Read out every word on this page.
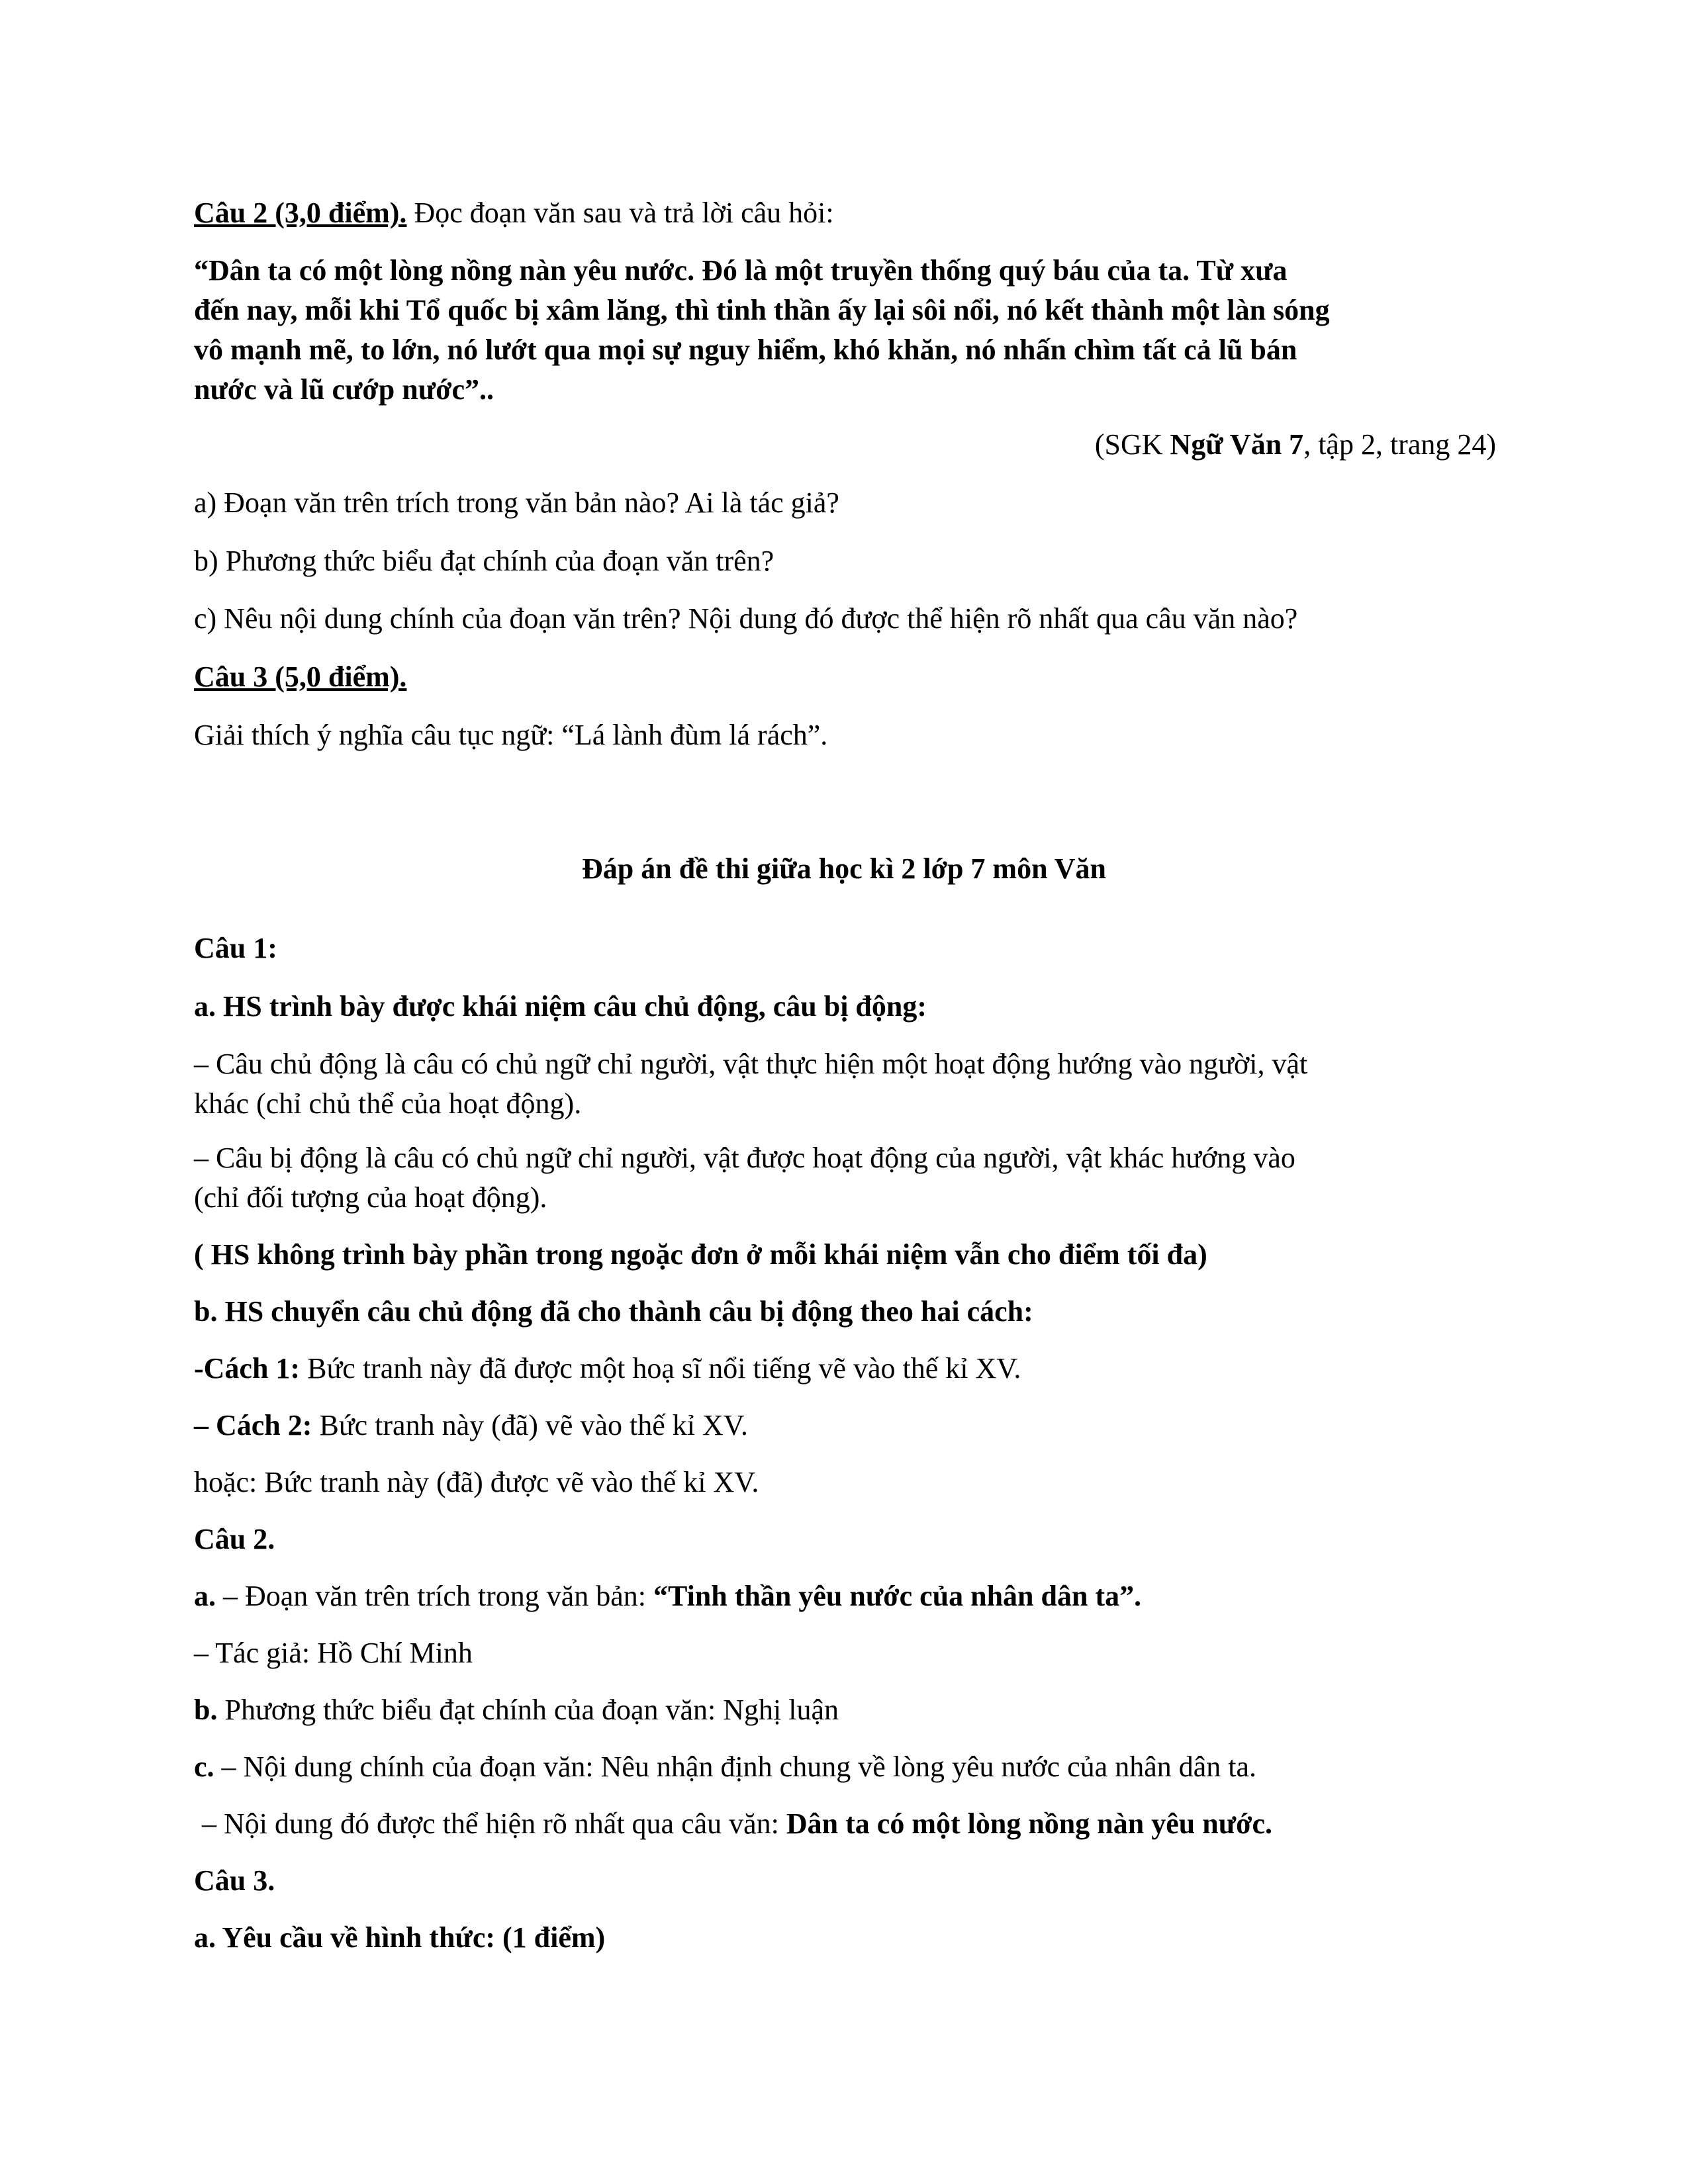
Câu 2 (3,0 điểm). Đọc đoạn văn sau và trả lời câu hỏi:
“Dân ta có một lòng nồng nàn yêu nước. Đó là một truyền thống quý báu của ta. Từ xưa
đến nay, mỗi khi Tổ quốc bị xâm lăng, thì tinh thần ấy lại sôi nổi, nó kết thành một làn sóng
vô mạnh mẽ, to lớn, nó lướt qua mọi sự nguy hiểm, khó khăn, nó nhấn chìm tất cả lũ bán
nước và lũ cướp nước”..
(SGK Ngữ Văn 7, tập 2, trang 24)
a) Đoạn văn trên trích trong văn bản nào? Ai là tác giả?
b) Phương thức biểu đạt chính của đoạn văn trên?
c) Nêu nội dung chính của đoạn văn trên? Nội dung đó được thể hiện rõ nhất qua câu văn nào?
Câu 3 (5,0 điểm).
Giải thích ý nghĩa câu tục ngữ: “Lá lành đùm lá rách”.
Đáp án đề thi giữa học kì 2 lớp 7 môn Văn
Câu 1:
a. HS trình bày được khái niệm câu chủ động, câu bị động:
– Câu chủ động là câu có chủ ngữ chỉ người, vật thực hiện một hoạt động hướng vào người, vật
khác (chỉ chủ thể của hoạt động).
– Câu bị động là câu có chủ ngữ chỉ người, vật được hoạt động của người, vật khác hướng vào
(chỉ đối tượng của hoạt động).
( HS không trình bày phần trong ngoặc đơn ở mỗi khái niệm vẫn cho điểm tối đa)
b. HS chuyển câu chủ động đã cho thành câu bị động theo hai cách:
-Cách 1: Bức tranh này đã được một hoạ sĩ nổi tiếng vẽ vào thế kỉ XV.
– Cách 2: Bức tranh này (đã) vẽ vào thế kỉ XV.
hoặc: Bức tranh này (đã) được vẽ vào thế kỉ XV.
Câu 2.
a. – Đoạn văn trên trích trong văn bản: “Tinh thần yêu nước của nhân dân ta”.
– Tác giả: Hồ Chí Minh
b. Phương thức biểu đạt chính của đoạn văn: Nghị luận
c. – Nội dung chính của đoạn văn: Nêu nhận định chung về lòng yêu nước của nhân dân ta.
– Nội dung đó được thể hiện rõ nhất qua câu văn: Dân ta có một lòng nồng nàn yêu nước.
Câu 3.
a. Yêu cầu về hình thức: (1 điểm)
